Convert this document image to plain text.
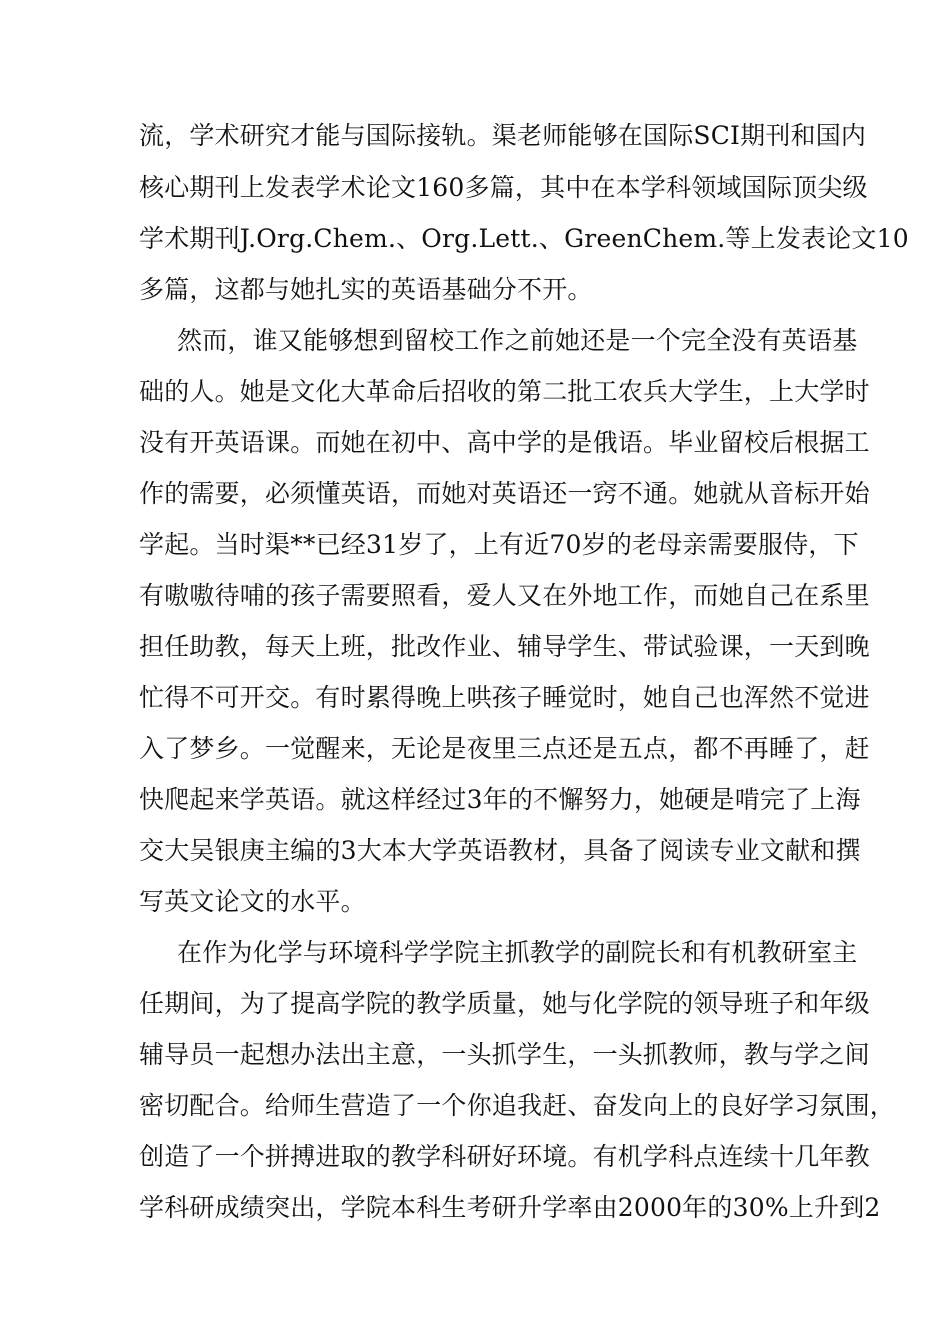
流，学术研究才能与国际接轨。渠老师能够在国际SCI期刊和国内
核心期刊上发表学术论文160多篇，其中在本学科领域国际顶尖级
学术期刊J.Org.Chem.、Org.Lett.、GreenChem.等上发表论文10
多篇，这都与她扎实的英语基础分不开。
然而，谁又能够想到留校工作之前她还是一个完全没有英语基
础的人。她是文化大革命后招收的第二批工农兵大学生，上大学时
没有开英语课。而她在初中、高中学的是俄语。毕业留校后根据工
作的需要，必须懂英语，而她对英语还一窍不通。她就从音标开始
学起。当时渠**已经31岁了，上有近70岁的老母亲需要服侍，下
有嗷嗷待哺的孩子需要照看，爱人又在外地工作，而她自己在系里
担任助教，每天上班，批改作业、辅导学生、带试验课，一天到晚
忙得不可开交。有时累得晚上哄孩子睡觉时，她自己也浑然不觉进
入了梦乡。一觉醒来，无论是夜里三点还是五点，都不再睡了，赶
快爬起来学英语。就这样经过3年的不懈努力，她硬是啃完了上海
交大吴银庚主编的3大本大学英语教材，具备了阅读专业文献和撰
写英文论文的水平。
在作为化学与环境科学学院主抓教学的副院长和有机教研室主
任期间，为了提高学院的教学质量，她与化学院的领导班子和年级
辅导员一起想办法出主意，一头抓学生，一头抓教师，教与学之间
密切配合。给师生营造了一个你追我赶、奋发向上的良好学习氛围，
创造了一个拼搏进取的教学科研好环境。有机学科点连续十几年教
学科研成绩突出，学院本科生考研升学率由2000年的30%上升到2
